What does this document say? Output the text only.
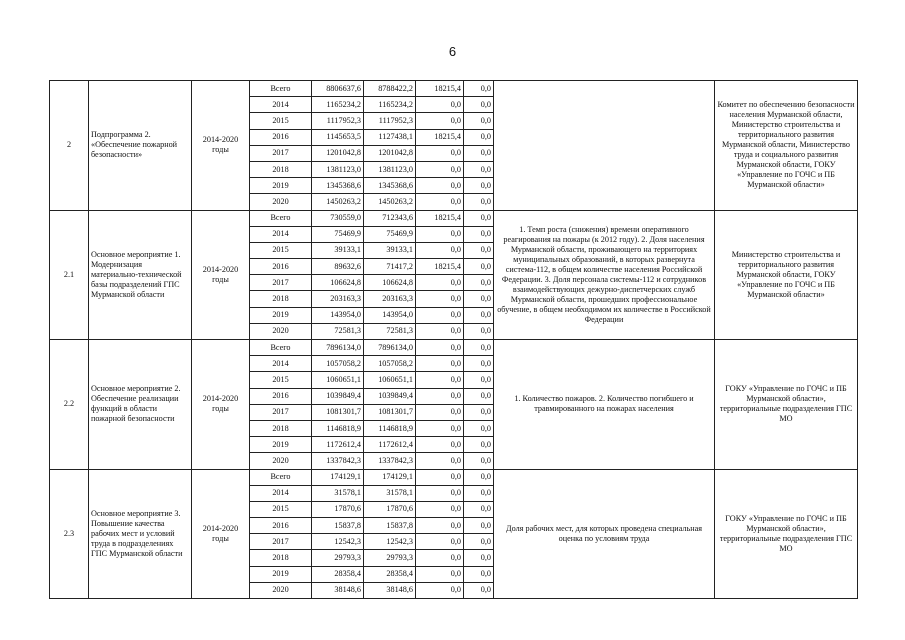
6
2	Подпрограмма 2. «Обеспечение пожарной безопасности»	2014-2020 годы	Всего	8806637,6	8788422,2	18215,4	0,0		Комитет по обеспечению безопасности населения Мурманской области, Министерство строительства и территориального развития Мурманской области, Министерство труда и социального развития Мурманской области, ГОКУ «Управление по ГОЧС и ПБ Мурманской области»
			2014	1165234,2	1165234,2	0,0	0,0		
			2015	1117952,3	1117952,3	0,0	0,0		
			2016	1145653,5	1127438,1	18215,4	0,0		
			2017	1201042,8	1201042,8	0,0	0,0		
			2018	1381123,0	1381123,0	0,0	0,0		
			2019	1345368,6	1345368,6	0,0	0,0		
			2020	1450263,2	1450263,2	0,0	0,0		
2.1	Основное мероприятие 1. Модернизация материально-технической базы подразделений ГПС Мурманской области	2014-2020 годы	Всего	730559,0	712343,6	18215,4	0,0	1. Темп роста (снижения) времени оперативного реагирования на пожары (к 2012 году). 2. Доля населения Мурманской области, проживающего на территориях муниципальных образований, в которых развернута система-112, в общем количестве населения Российской Федерации. 3. Доля персонала системы-112 и сотрудников взаимодействующих дежурно-диспетчерских служб Мурманской области, прошедших профессиональное обучение, в общем необходимом их количестве в Российской Федерации	Министерство строительства и территориального развития Мурманской области, ГОКУ «Управление по ГОЧС и ПБ Мурманской области»
			2014	75469,9	75469,9	0,0	0,0		
			2015	39133,1	39133,1	0,0	0,0		
			2016	89632,6	71417,2	18215,4	0,0		
			2017	106624,8	106624,8	0,0	0,0		
			2018	203163,3	203163,3	0,0	0,0		
			2019	143954,0	143954,0	0,0	0,0		
			2020	72581,3	72581,3	0,0	0,0		
2.2	Основное мероприятие 2. Обеспечение реализации функций в области пожарной безопасности	2014-2020 годы	Всего	7896134,0	7896134,0	0,0	0,0	1. Количество пожаров. 2. Количество погибшего и травмированного на пожарах населения	ГОКУ «Управление по ГОЧС и ПБ Мурманской области», территориальные подразделения ГПС МО
			2014	1057058,2	1057058,2	0,0	0,0		
			2015	1060651,1	1060651,1	0,0	0,0		
			2016	1039849,4	1039849,4	0,0	0,0		
			2017	1081301,7	1081301,7	0,0	0,0		
			2018	1146818,9	1146818,9	0,0	0,0		
			2019	1172612,4	1172612,4	0,0	0,0		
			2020	1337842,3	1337842,3	0,0	0,0		
2.3	Основное мероприятие 3. Повышение качества рабочих мест и условий труда в подразделениях ГПС Мурманской области	2014-2020 годы	Всего	174129,1	174129,1	0,0	0,0	Доля рабочих мест, для которых проведена специальная оценка по условиям труда	ГОКУ «Управление по ГОЧС и ПБ Мурманской области», территориальные подразделения ГПС МО
			2014	31578,1	31578,1	0,0	0,0		
			2015	17870,6	17870,6	0,0	0,0		
			2016	15837,8	15837,8	0,0	0,0		
			2017	12542,3	12542,3	0,0	0,0		
			2018	29793,3	29793,3	0,0	0,0		
			2019	28358,4	28358,4	0,0	0,0		
			2020	38148,6	38148,6	0,0	0,0		
